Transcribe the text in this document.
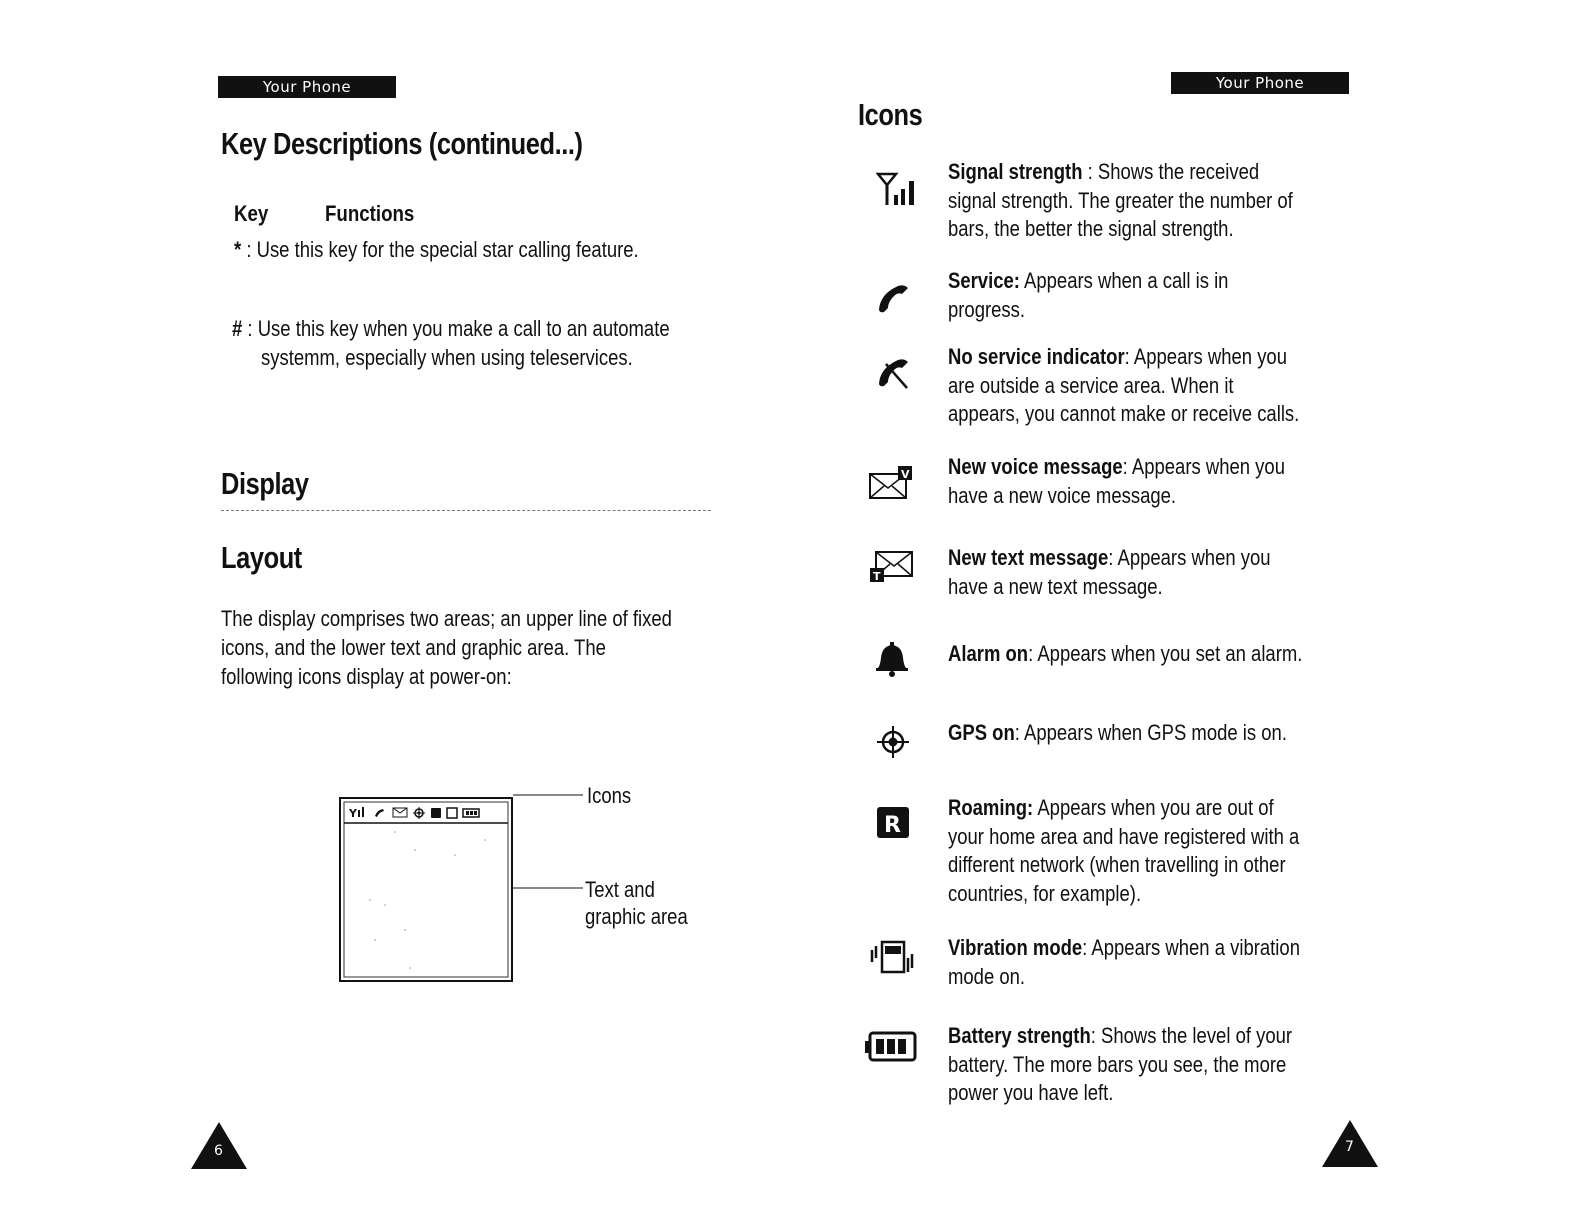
Your Phone
Key Descriptions (continued...)
Key	Functions
* : Use this key for the special star calling feature.
# : Use this key when you make a call to an automate
systemm, especially when using teleservices.
Display
Layout
The display comprises two areas; an upper line of fixed
icons, and the lower text and graphic area. The
following icons display at power-on:
Y
Icons
Text and
graphic area
6
Your Phone
Icons
V
T
R
Signal strength : Shows the received
signal strength. The greater the number of
bars, the better the signal strength.
Service: Appears when a call is in
progress.
No service indicator: Appears when you
are outside a service area. When it
appears, you cannot make or receive calls.
New voice message: Appears when you
have a new voice message.
New text message: Appears when you
have a new text message.
Alarm on: Appears when you set an alarm.
GPS on: Appears when GPS mode is on.
Roaming: Appears when you are out of
your home area and have registered with a
different network (when travelling in other
countries, for example).
Vibration mode: Appears when a vibration
mode on.
Battery strength: Shows the level of your
battery. The more bars you see, the more
power you have left.
7
